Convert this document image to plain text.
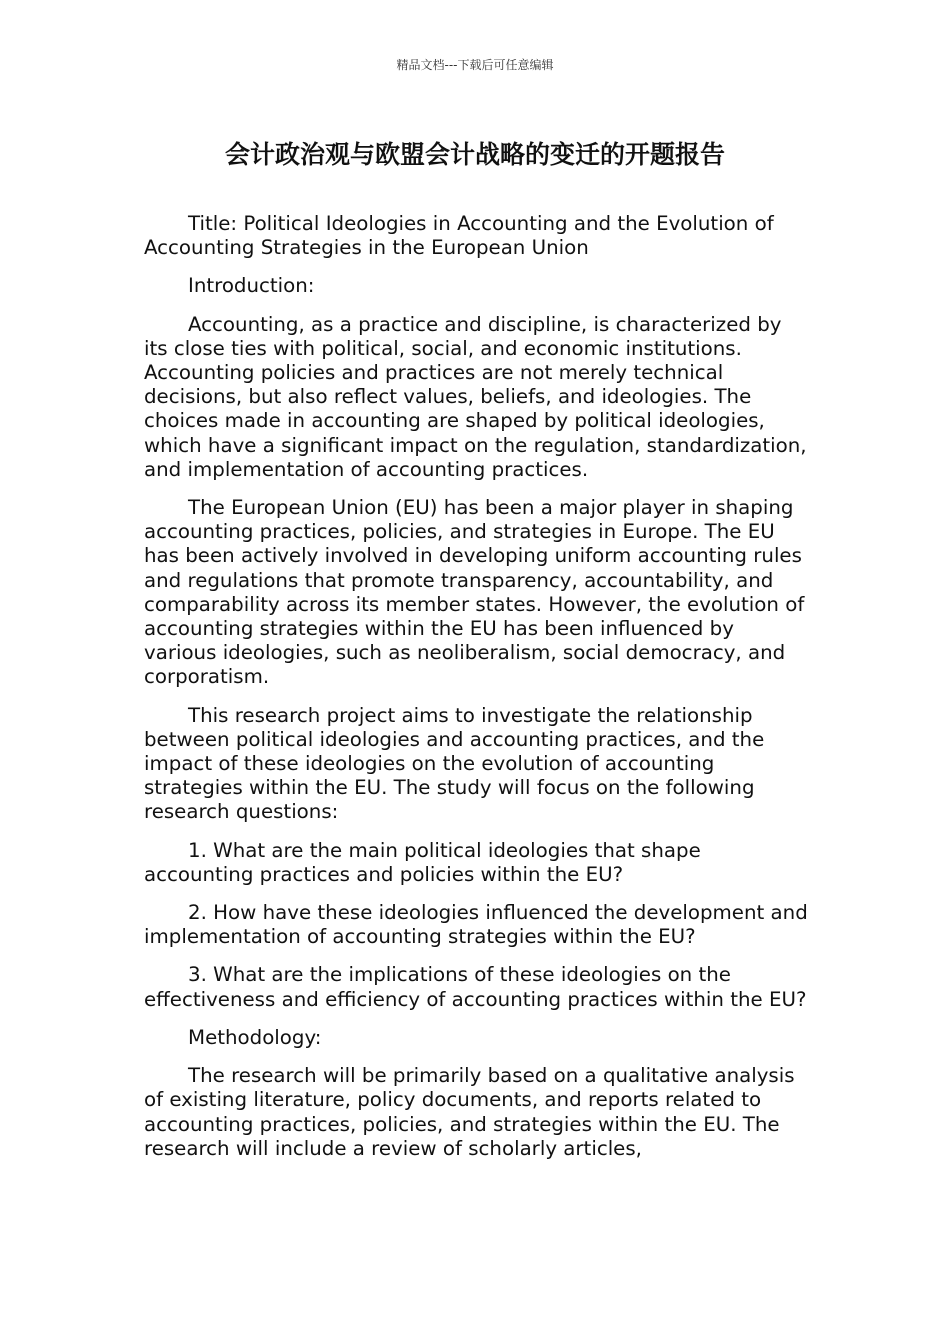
精品文档---下载后可任意编辑
会计政治观与欧盟会计战略的变迁的开题报告

Title: Political Ideologies in Accounting and the Evolution of Accounting Strategies in the European Union

Introduction:

Accounting, as a practice and discipline, is characterized by its close ties with political, social, and economic institutions. Accounting policies and practices are not merely technical decisions, but also reflect values, beliefs, and ideologies. The choices made in accounting are shaped by political ideologies, which have a significant impact on the regulation, standardization, and implementation of accounting practices.

The European Union (EU) has been a major player in shaping accounting practices, policies, and strategies in Europe. The EU has been actively involved in developing uniform accounting rules and regulations that promote transparency, accountability, and comparability across its member states. However, the evolution of accounting strategies within the EU has been influenced by various ideologies, such as neoliberalism, social democracy, and corporatism.

This research project aims to investigate the relationship between political ideologies and accounting practices, and the impact of these ideologies on the evolution of accounting strategies within the EU. The study will focus on the following research questions:

1. What are the main political ideologies that shape accounting practices and policies within the EU?

2. How have these ideologies influenced the development and implementation of accounting strategies within the EU?

3. What are the implications of these ideologies on the effectiveness and efficiency of accounting practices within the EU?

Methodology:

The research will be primarily based on a qualitative analysis of existing literature, policy documents, and reports related to accounting practices, policies, and strategies within the EU. The research will include a review of scholarly articles,
